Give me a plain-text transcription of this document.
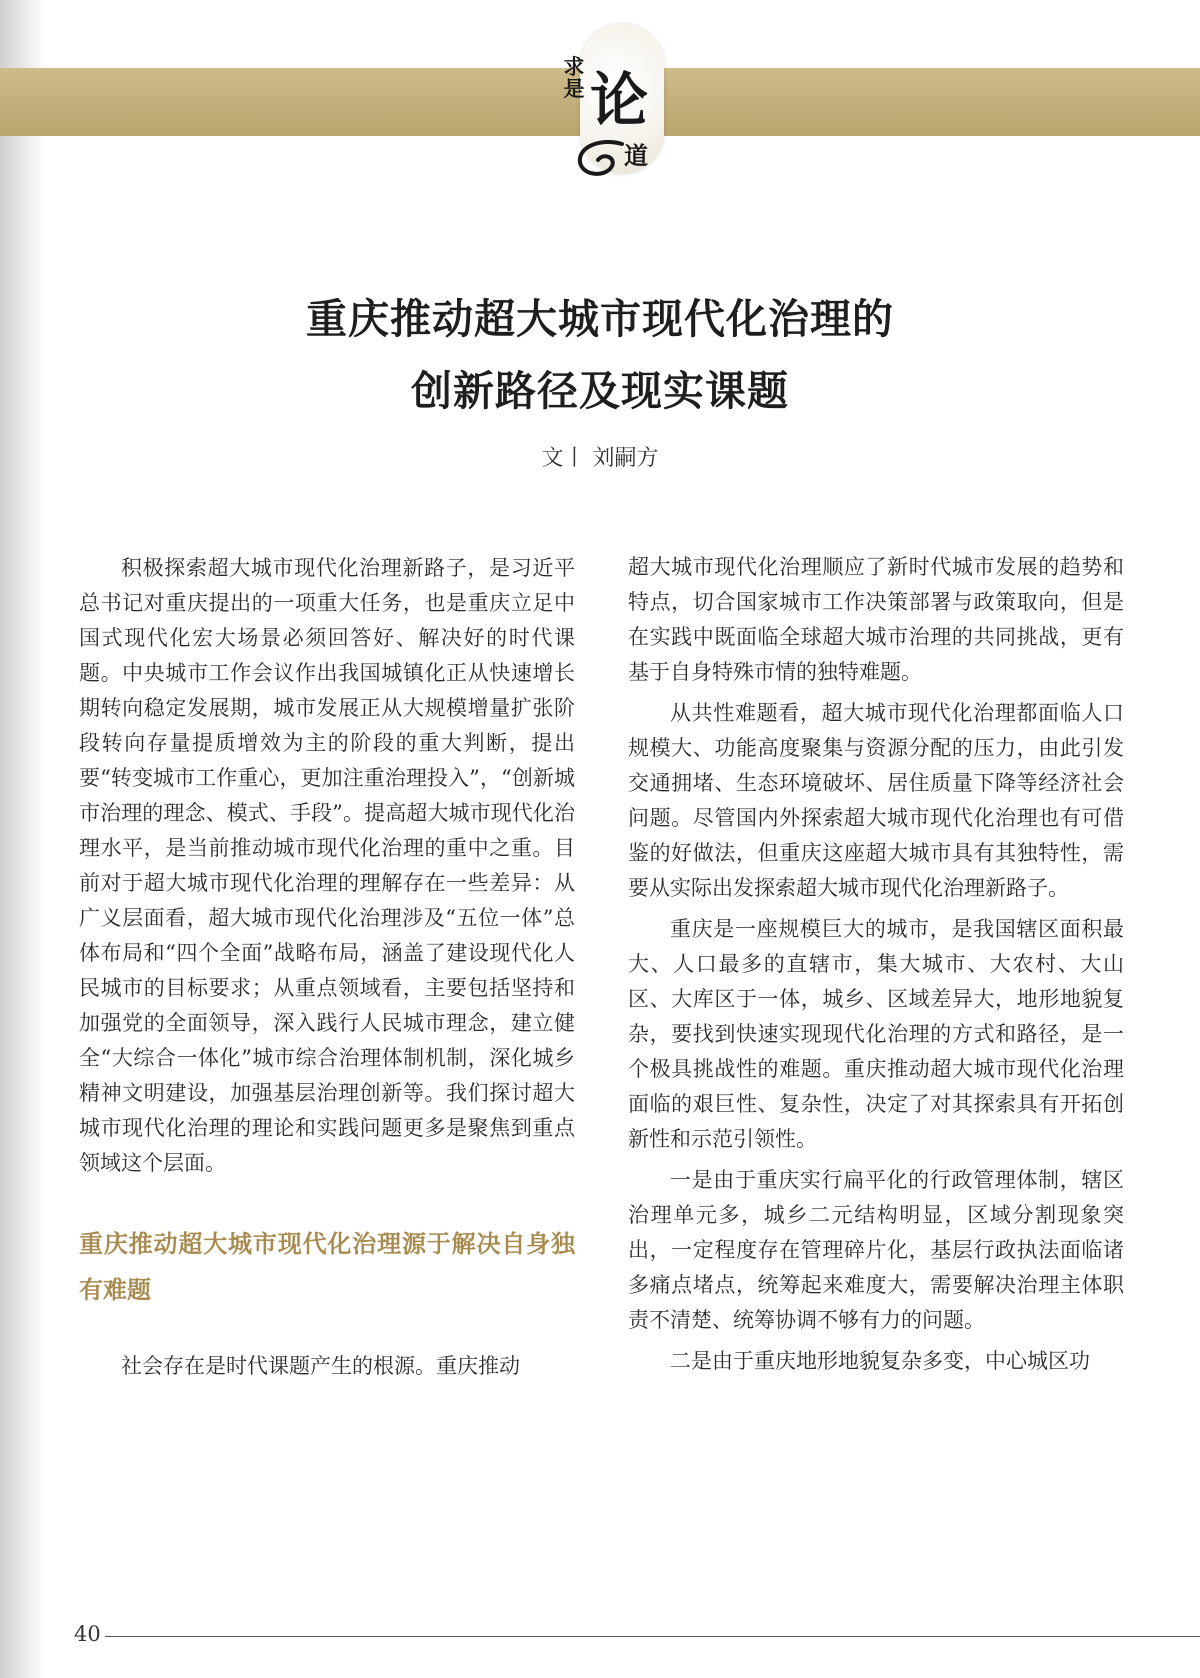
求是 论
道
重庆推动超大城市现代化治理的
创新路径及现实课题
文丨 刘嗣方

积极探索超大城市现代化治理新路子，是习近平总书记对重庆提出的一项重大任务，也是重庆立足中国式现代化宏大场景必须回答好、解决好的时代课题。中央城市工作会议作出我国城镇化正从快速增长期转向稳定发展期，城市发展正从大规模增量扩张阶段转向存量提质增效为主的阶段的重大判断，提出要“转变城市工作重心，更加注重治理投入”，“创新城市治理的理念、模式、手段”。提高超大城市现代化治理水平，是当前推动城市现代化治理的重中之重。目前对于超大城市现代化治理的理解存在一些差异：从广义层面看，超大城市现代化治理涉及“五位一体”总体布局和“四个全面”战略布局，涵盖了建设现代化人民城市的目标要求；从重点领域看，主要包括坚持和加强党的全面领导，深入践行人民城市理念，建立健全“大综合一体化”城市综合治理体制机制，深化城乡精神文明建设，加强基层治理创新等。我们探讨超大城市现代化治理的理论和实践问题更多是聚焦到重点领域这个层面。

重庆推动超大城市现代化治理源于解决自身独有难题

社会存在是时代课题产生的根源。重庆推动

超大城市现代化治理顺应了新时代城市发展的趋势和特点，切合国家城市工作决策部署与政策取向，但是在实践中既面临全球超大城市治理的共同挑战，更有基于自身特殊市情的独特难题。

从共性难题看，超大城市现代化治理都面临人口规模大、功能高度聚集与资源分配的压力，由此引发交通拥堵、生态环境破坏、居住质量下降等经济社会问题。尽管国内外探索超大城市现代化治理也有可借鉴的好做法，但重庆这座超大城市具有其独特性，需要从实际出发探索超大城市现代化治理新路子。

重庆是一座规模巨大的城市，是我国辖区面积最大、人口最多的直辖市，集大城市、大农村、大山区、大库区于一体，城乡、区域差异大，地形地貌复杂，要找到快速实现现代化治理的方式和路径，是一个极具挑战性的难题。重庆推动超大城市现代化治理面临的艰巨性、复杂性，决定了对其探索具有开拓创新性和示范引领性。

一是由于重庆实行扁平化的行政管理体制，辖区治理单元多，城乡二元结构明显，区域分割现象突出，一定程度存在管理碎片化，基层行政执法面临诸多痛点堵点，统筹起来难度大，需要解决治理主体职责不清楚、统筹协调不够有力的问题。

二是由于重庆地形地貌复杂多变，中心城区功

40
